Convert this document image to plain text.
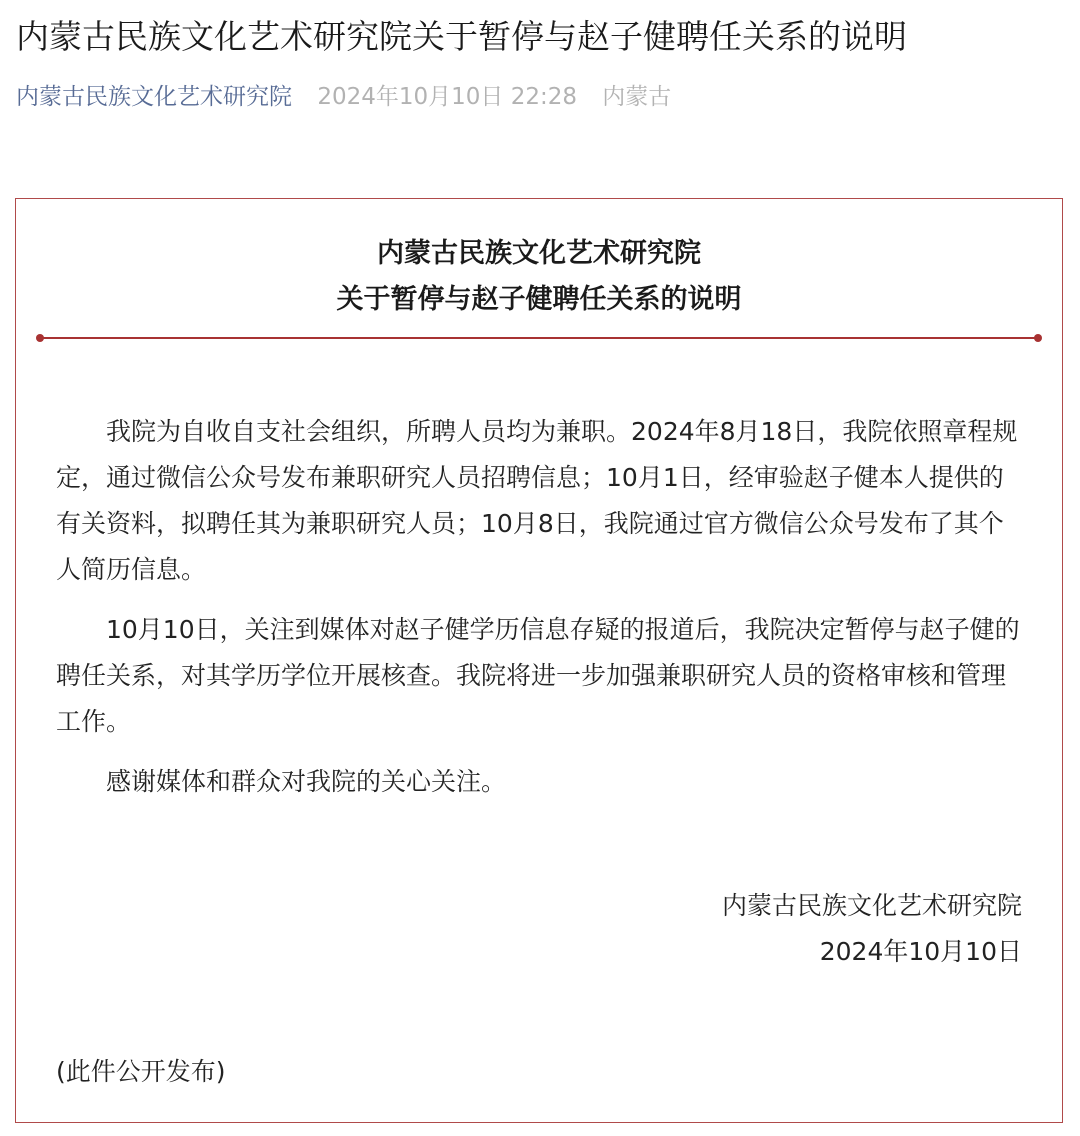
内蒙古民族文化艺术研究院关于暂停与赵子健聘任关系的说明
内蒙古民族文化艺术研究院 2024年10月10日 22:28 内蒙古
内蒙古民族文化艺术研究院
关于暂停与赵子健聘任关系的说明

我院为自收自支社会组织，所聘人员均为兼职。2024年8月18日，我院依照章程规定，通过微信公众号发布兼职研究人员招聘信息；10月1日，经审验赵子健本人提供的有关资料，拟聘任其为兼职研究人员；10月8日，我院通过官方微信公众号发布了其个人简历信息。

10月10日，关注到媒体对赵子健学历信息存疑的报道后，我院决定暂停与赵子健的聘任关系，对其学历学位开展核查。我院将进一步加强兼职研究人员的资格审核和管理工作。

感谢媒体和群众对我院的关心关注。

内蒙古民族文化艺术研究院
2024年10月10日
(此件公开发布)
